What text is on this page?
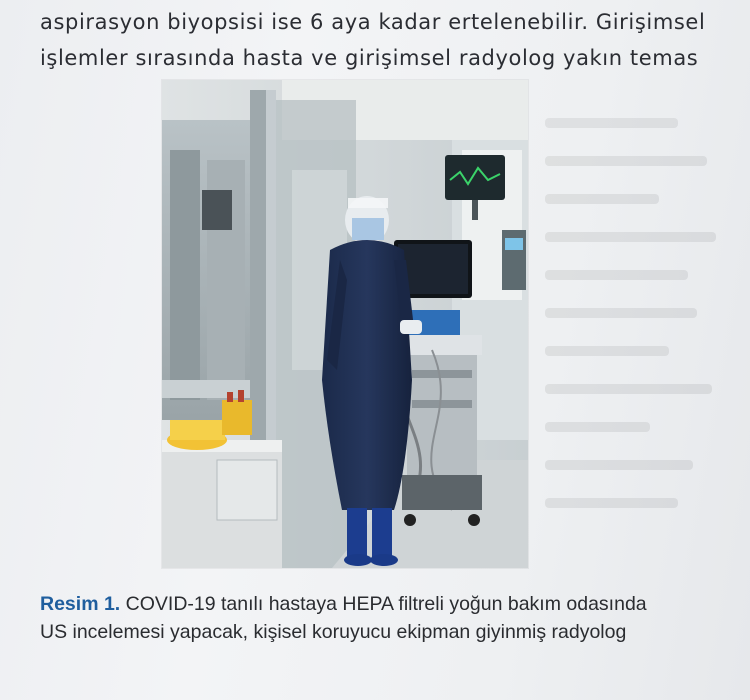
aspirasyon biyopsisi ise 6 aya kadar ertelenebilir. Girişimsel
işlemler sırasında hasta ve girişimsel radyolog yakın temas
Resim 1. COVID-19 tanılı hastaya HEPA filtreli yoğun bakım odasında
US incelemesi yapacak, kişisel koruyucu ekipman giyinmiş radyolog
